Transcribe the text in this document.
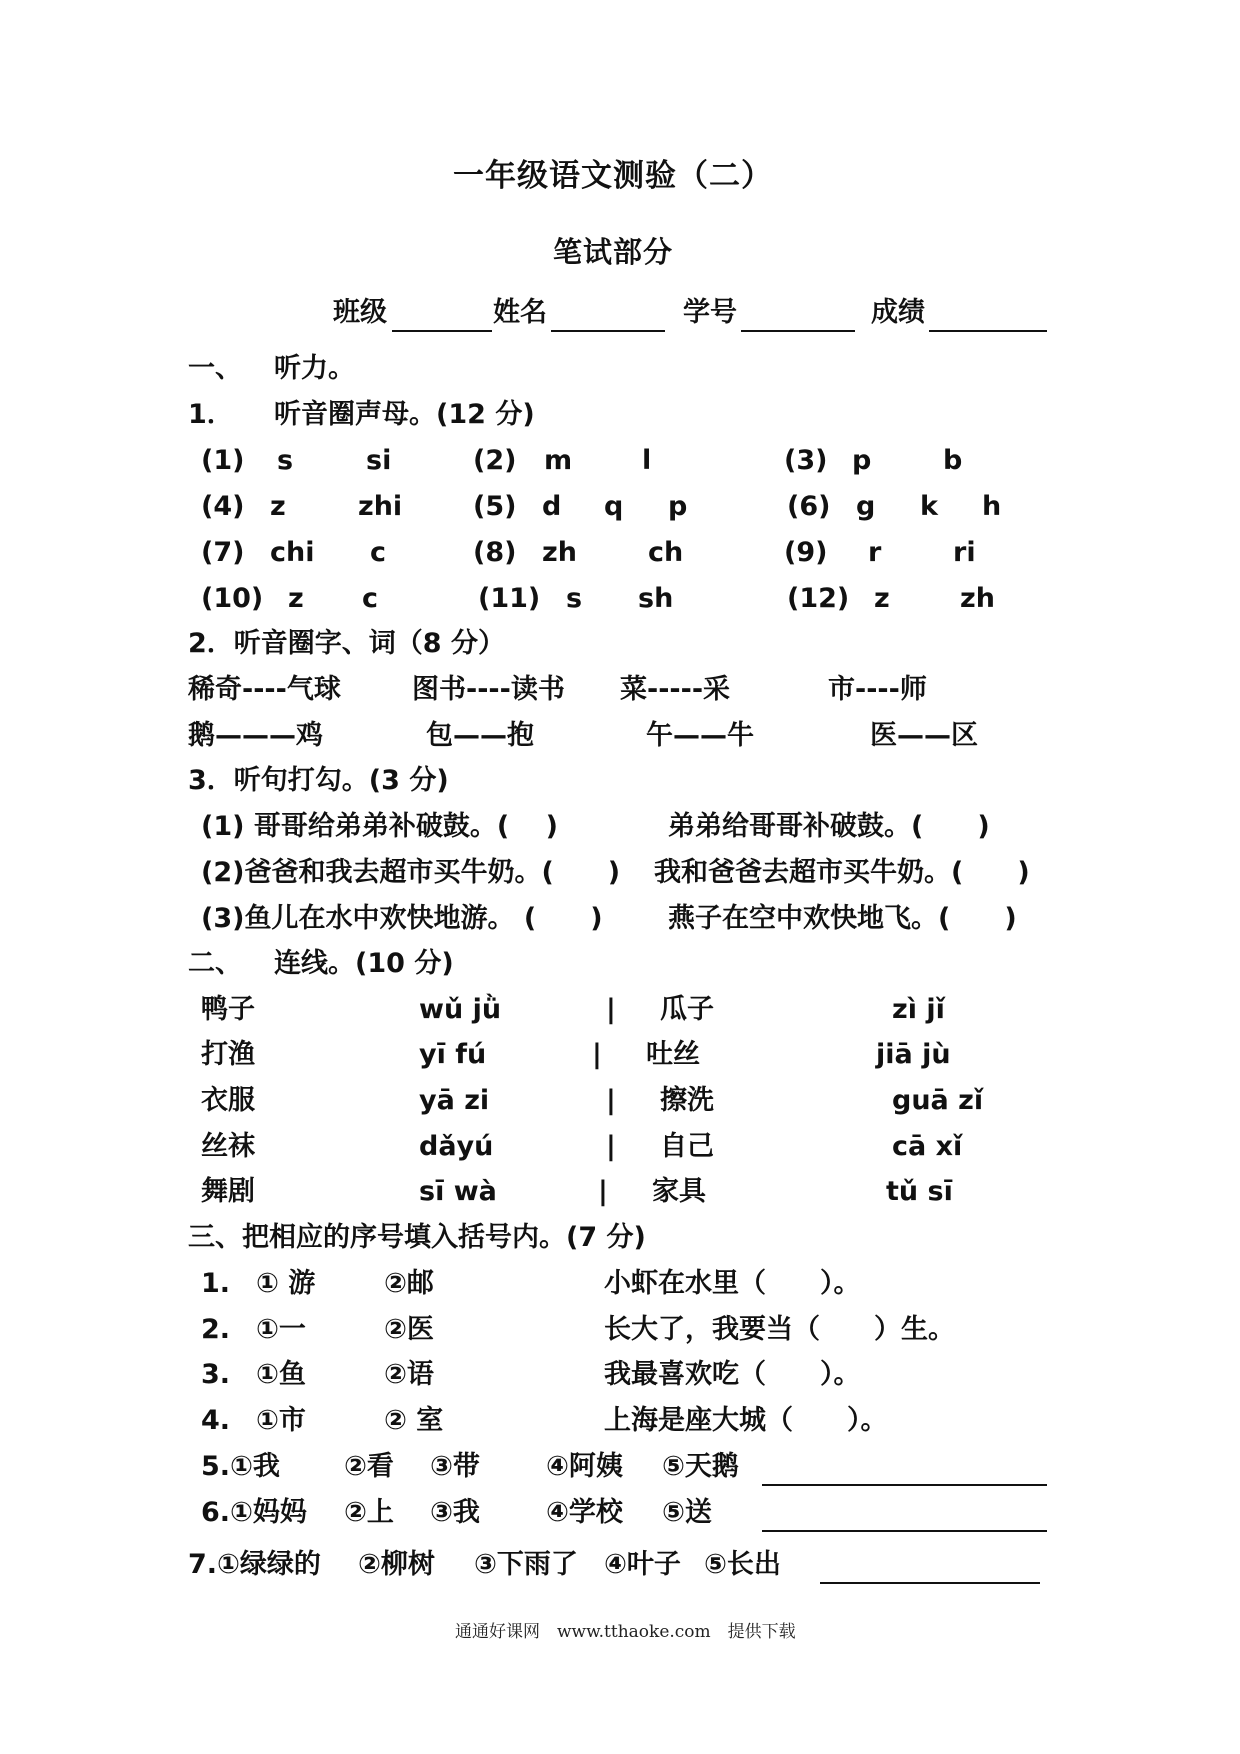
一年级语文测验（二）
笔试部分
班级	姓名	学号	成绩
一、 听力。
1． 听音圈声母。(12 分)
(1) s	si	(2) m	l	(3) p	b
(4) z	zhi	(5) d q p	(6) g k h
(7) chi c	(8) zh	ch	(9) r	ri
(10) z c	(11) s sh	(12) z	zh
2．听音圈字、词（8 分）
稀奇----气球	图书----读书 菜-----采	市----师
鹅———鸡	包——抱	午——牛	医——区
3．听句打勾。(3 分)
(1) 哥哥给弟弟补破鼓。(　 )	弟弟给哥哥补破鼓。(　　)
(2)爸爸和我去超市买牛奶。(　　) 我和爸爸去超市买牛奶。(　　)
(3)鱼儿在水中欢快地游。 (　　) 燕子在空中欢快地飞。(　　)
二、 连线。(10 分)
鸭子	wǔ jǜ	| 瓜子	zì jǐ
打渔	yī fú	| 吐丝	jiā jù
衣服	yā zi	| 擦洗	guā zǐ
丝袜	dǎyú	| 自己	cā xǐ
舞剧	sī wà	| 家具	tǔ sī
三、把相应的序号填入括号内。(7 分)
1. ① 游	②邮	小虾在水里（　　）。
2. ①一	②医	长大了，我要当（　　）生。
3. ①鱼	②语	我最喜欢吃（　　）。
4. ①市	② 室	上海是座大城（　　）。
5.①我 ②看 ③带 ④阿姨 ⑤天鹅
6.①妈妈 ②上 ③我 ④学校 ⑤送
7.①绿绿的 ②柳树 ③下雨了 ④叶子 ⑤长出
通通好课网　www.tthaoke.com　提供下载
